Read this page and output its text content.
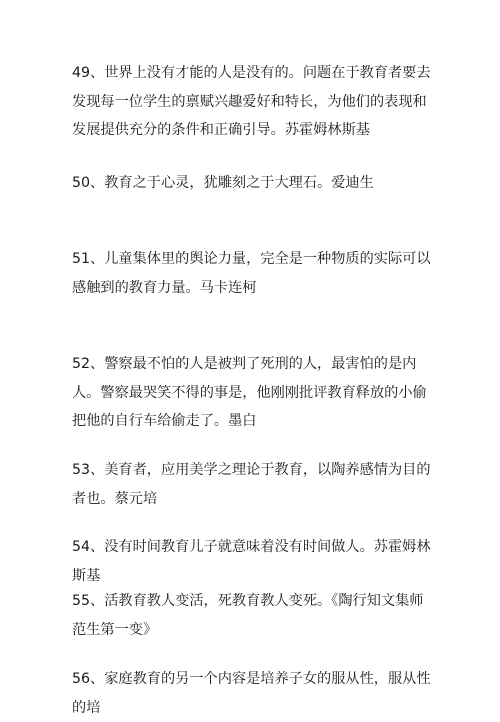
49、世界上没有才能的人是没有的。问题在于教育者要去发现每一位学生的禀赋兴趣爱好和特长，为他们的表现和发展提供充分的条件和正确引导。苏霍姆林斯基

50、教育之于心灵，犹雕刻之于大理石。爱迪生

51、儿童集体里的舆论力量，完全是一种物质的实际可以感触到的教育力量。马卡连柯

52、警察最不怕的人是被判了死刑的人，最害怕的是内人。警察最哭笑不得的事是，他刚刚批评教育释放的小偷把他的自行车给偷走了。墨白

53、美育者，应用美学之理论于教育，以陶养感情为目的者也。蔡元培

54、没有时间教育儿子就意味着没有时间做人。苏霍姆林斯基

55、活教育教人变活，死教育教人变死。《陶行知文集师范生第一变》

56、家庭教育的另一个内容是培养子女的服从性，服从性的培
